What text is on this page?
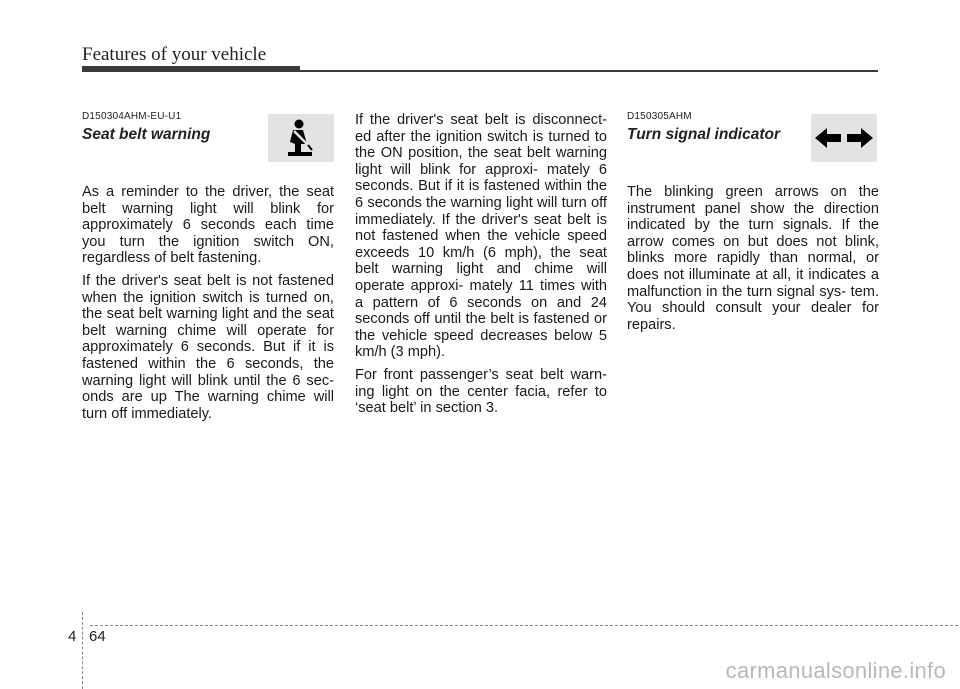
Features of your vehicle
D150304AHM-EU-U1
Seat belt warning

As a reminder to the driver, the seat belt warning light will blink for approximately 6 seconds each time you turn the ignition switch ON, regardless of belt fastening.

If the driver's seat belt is not fastened when the ignition switch is turned on, the seat belt warning light and the seat belt warning chime will operate for approximately 6 seconds. But if it is fastened within the 6 seconds, the warning light will blink until the 6 sec- onds are up The warning chime will turn off immediately.

If the driver's seat belt is disconnect- ed after the ignition switch is turned to the ON position, the seat belt warning light will blink for approxi- mately 6 seconds. But if it is fastened within the 6 seconds the warning light will turn off immediately. If the driver's seat belt is not fastened when the vehicle speed exceeds 10 km/h (6 mph), the seat belt warning light and chime will operate approxi- mately 11 times with a pattern of 6 seconds on and 24 seconds off until the belt is fastened or the vehicle speed decreases below 5 km/h (3 mph).

For front passenger’s seat belt warn- ing light on the center facia, refer to ‘seat belt’ in section 3.

D150305AHM
Turn signal indicator

The blinking green arrows on the instrument panel show the direction indicated by the turn signals. If the arrow comes on but does not blink, blinks more rapidly than normal, or does not illuminate at all, it indicates a malfunction in the turn signal sys- tem. You should consult your dealer for repairs.

4 64
carmanualsonline.info
